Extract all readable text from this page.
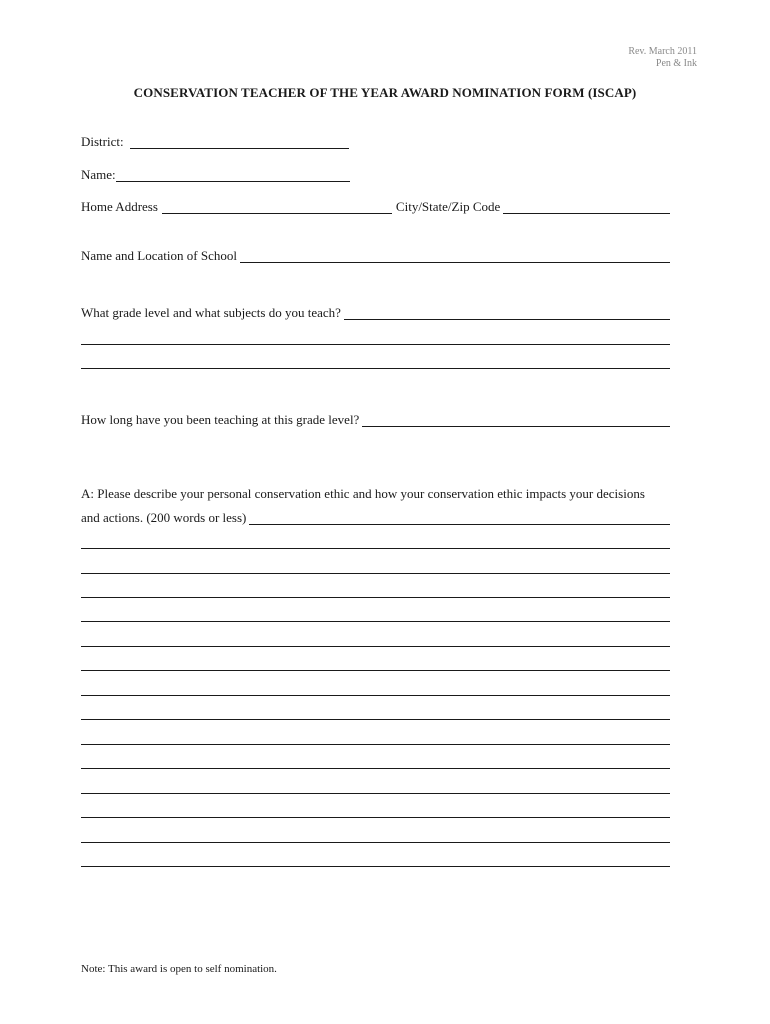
Rev. March 2011
Pen & Ink
CONSERVATION TEACHER OF THE YEAR AWARD NOMINATION FORM (ISCAP)
District:
Name:
Home Address	City/State/Zip Code
Name and Location of School
What grade level and what subjects do you teach?
How long have you been teaching at this grade level?
A: Please describe your personal conservation ethic and how your conservation ethic impacts your decisions
and actions. (200 words or less)
Note: This award is open to self nomination.
